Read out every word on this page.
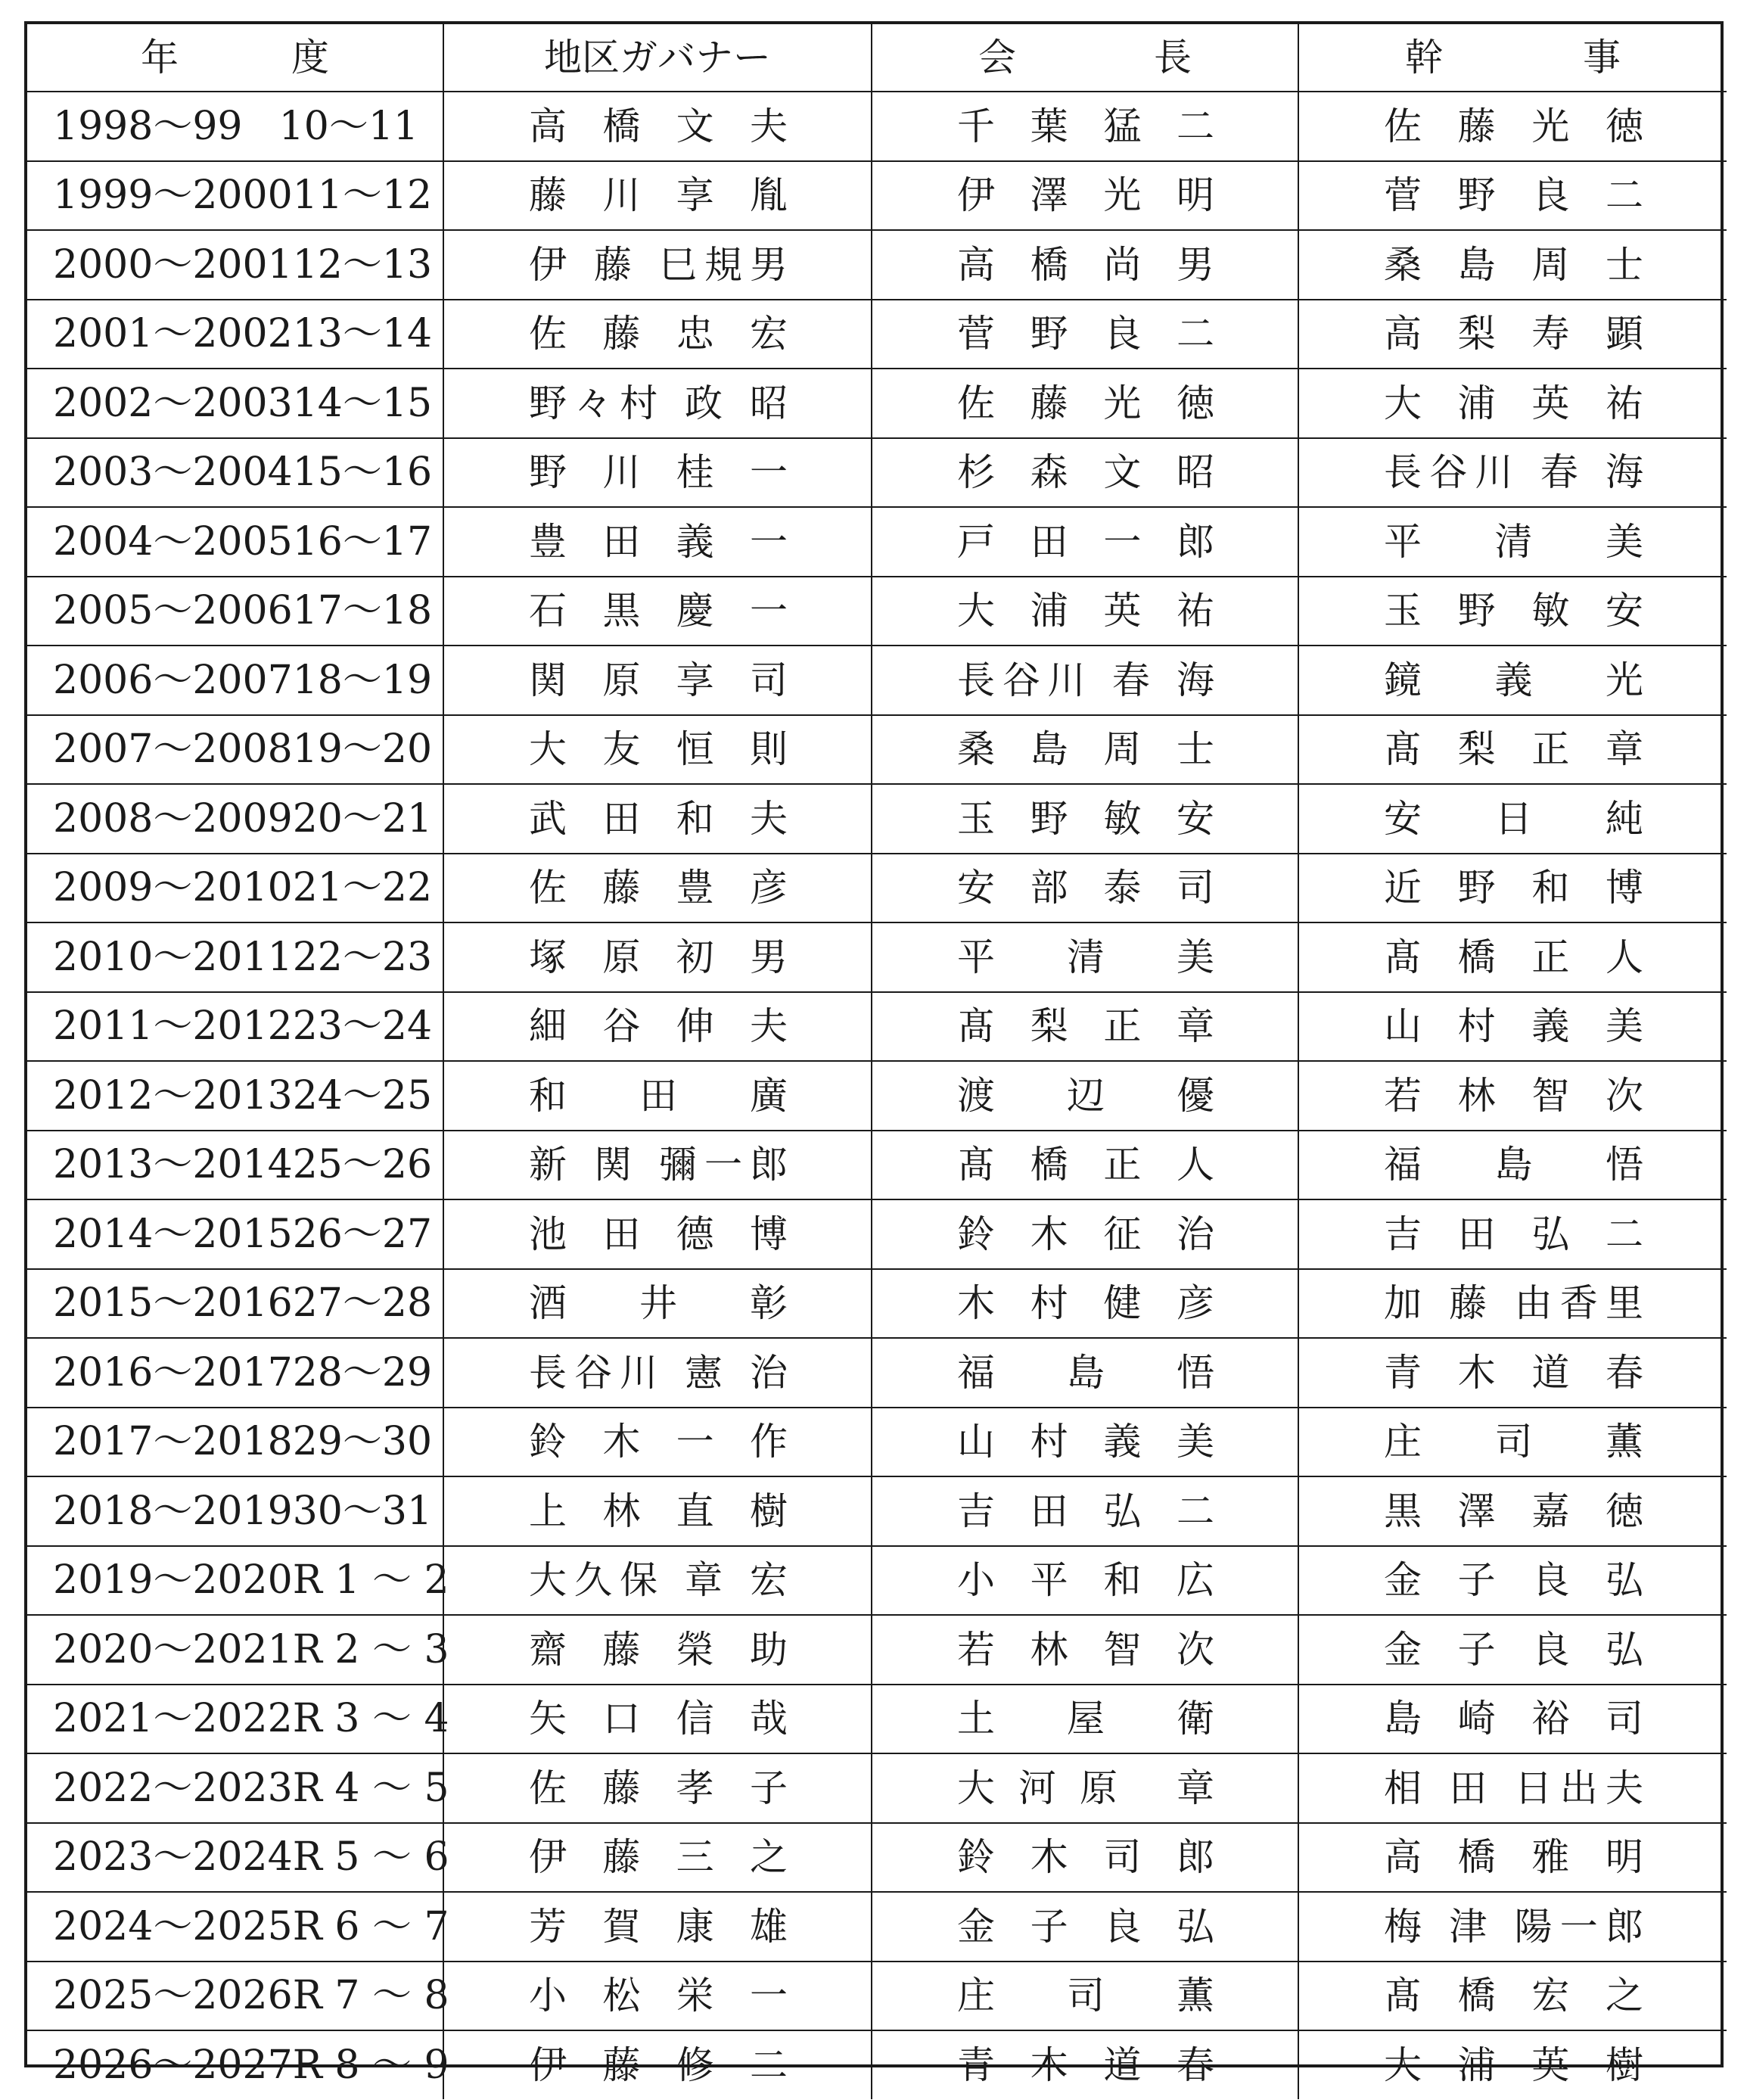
年 度	地区ガバナー	会 長	幹 事

1998～99 10～11	高 橋 文 夫	千 葉 猛 二	佐 藤 光 徳

1999～2000 11～12	藤 川 享 胤	伊 澤 光 明	菅 野 良 二

2000～2001 12～13	伊 藤 巳規男	高 橋 尚 男	桑 島 周 士

2001～2002 13～14	佐 藤 忠 宏	菅 野 良 二	高 梨 寿 顕

2002～2003 14～15	野々村 政 昭	佐 藤 光 徳	大 浦 英 祐

2003～2004 15～16	野 川 桂 一	杉 森 文 昭	長谷川 春 海

2004～2005 16～17	豊 田 義 一	戸 田 一 郎	平 清 美

2005～2006 17～18	石 黒 慶 一	大 浦 英 祐	玉 野 敏 安

2006～2007 18～19	関 原 享 司	長谷川 春 海	鏡 義 光

2007～2008 19～20	大 友 恒 則	桑 島 周 士	髙 梨 正 章

2008～2009 20～21	武 田 和 夫	玉 野 敏 安	安 日 純

2009～2010 21～22	佐 藤 豊 彦	安 部 泰 司	近 野 和 博

2010～2011 22～23	塚 原 初 男	平 清 美	髙 橋 正 人

2011～2012 23～24	細 谷 伸 夫	髙 梨 正 章	山 村 義 美

2012～2013 24～25	和 田 廣	渡 辺 優	若 林 智 次

2013～2014 25～26	新 関 彌一郎	髙 橋 正 人	福 島 悟

2014～2015 26～27	池 田 德 博	鈴 木 征 治	吉 田 弘 二

2015～2016 27～28	酒 井 彰	木 村 健 彦	加 藤 由香里

2016～2017 28～29	長谷川 憲 治	福 島 悟	青 木 道 春

2017～2018 29～30	鈴 木 一 作	山 村 義 美	庄 司 薫

2018～2019 30～31	上 林 直 樹	吉 田 弘 二	黒 澤 嘉 徳

2019～2020 R 1 ～ 2	大久保 章 宏	小 平 和 広	金 子 良 弘

2020～2021 R 2 ～ 3	齋 藤 榮 助	若 林 智 次	金 子 良 弘

2021～2022 R 3 ～ 4	矢 口 信 哉	土 屋 衛	島 崎 裕 司

2022～2023 R 4 ～ 5	佐 藤 孝 子	大河原 章	相 田 日出夫

2023～2024 R 5 ～ 6	伊 藤 三 之	鈴 木 司 郎	高 橋 雅 明

2024～2025 R 6 ～ 7	芳 賀 康 雄	金 子 良 弘	梅 津 陽一郎

2025～2026 R 7 ～ 8	小 松 栄 一	庄 司 薫	髙 橋 宏 之

2026～2027 R 8 ～ 9	伊 藤 修 二	青 木 道 春	大 浦 英 樹
